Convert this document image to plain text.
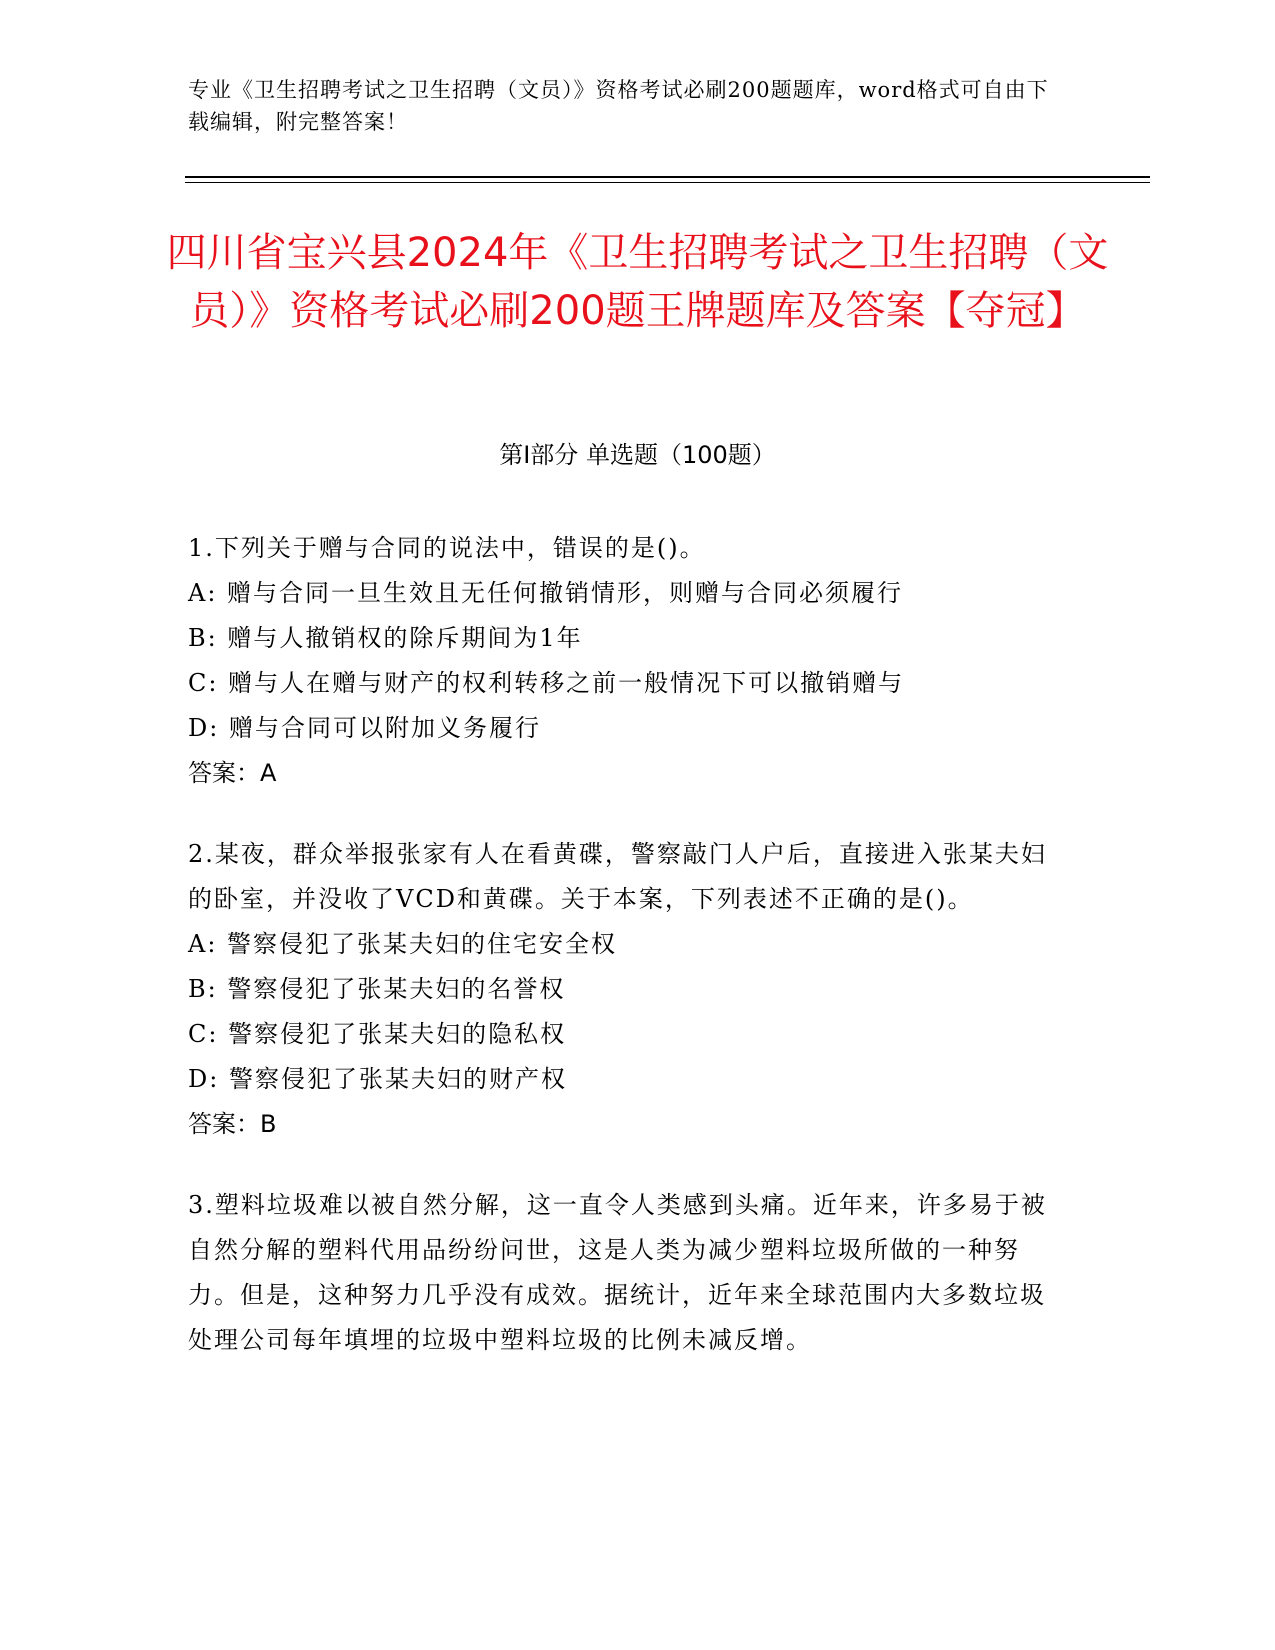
专业《卫生招聘考试之卫生招聘（文员）》资格考试必刷200题题库，word格式可自由下载编辑，附完整答案！
四川省宝兴县2024年《卫生招聘考试之卫生招聘（文员）》资格考试必刷200题王牌题库及答案【夺冠】
第Ⅰ部分 单选题（100题）
1.下列关于赠与合同的说法中，错误的是()。
A: 赠与合同一旦生效且无任何撤销情形，则赠与合同必须履行
B: 赠与人撤销权的除斥期间为1年
C: 赠与人在赠与财产的权利转移之前一般情况下可以撤销赠与
D: 赠与合同可以附加义务履行
答案：A
2.某夜，群众举报张家有人在看黄碟，警察敲门人户后，直接进入张某夫妇的卧室，并没收了VCD和黄碟。关于本案，下列表述不正确的是()。
A: 警察侵犯了张某夫妇的住宅安全权
B: 警察侵犯了张某夫妇的名誉权
C: 警察侵犯了张某夫妇的隐私权
D: 警察侵犯了张某夫妇的财产权
答案：B
3.塑料垃圾难以被自然分解，这一直令人类感到头痛。近年来，许多易于被自然分解的塑料代用品纷纷问世，这是人类为减少塑料垃圾所做的一种努力。但是，这种努力几乎没有成效。据统计，近年来全球范围内大多数垃圾处理公司每年填埋的垃圾中塑料垃圾的比例未减反增。
